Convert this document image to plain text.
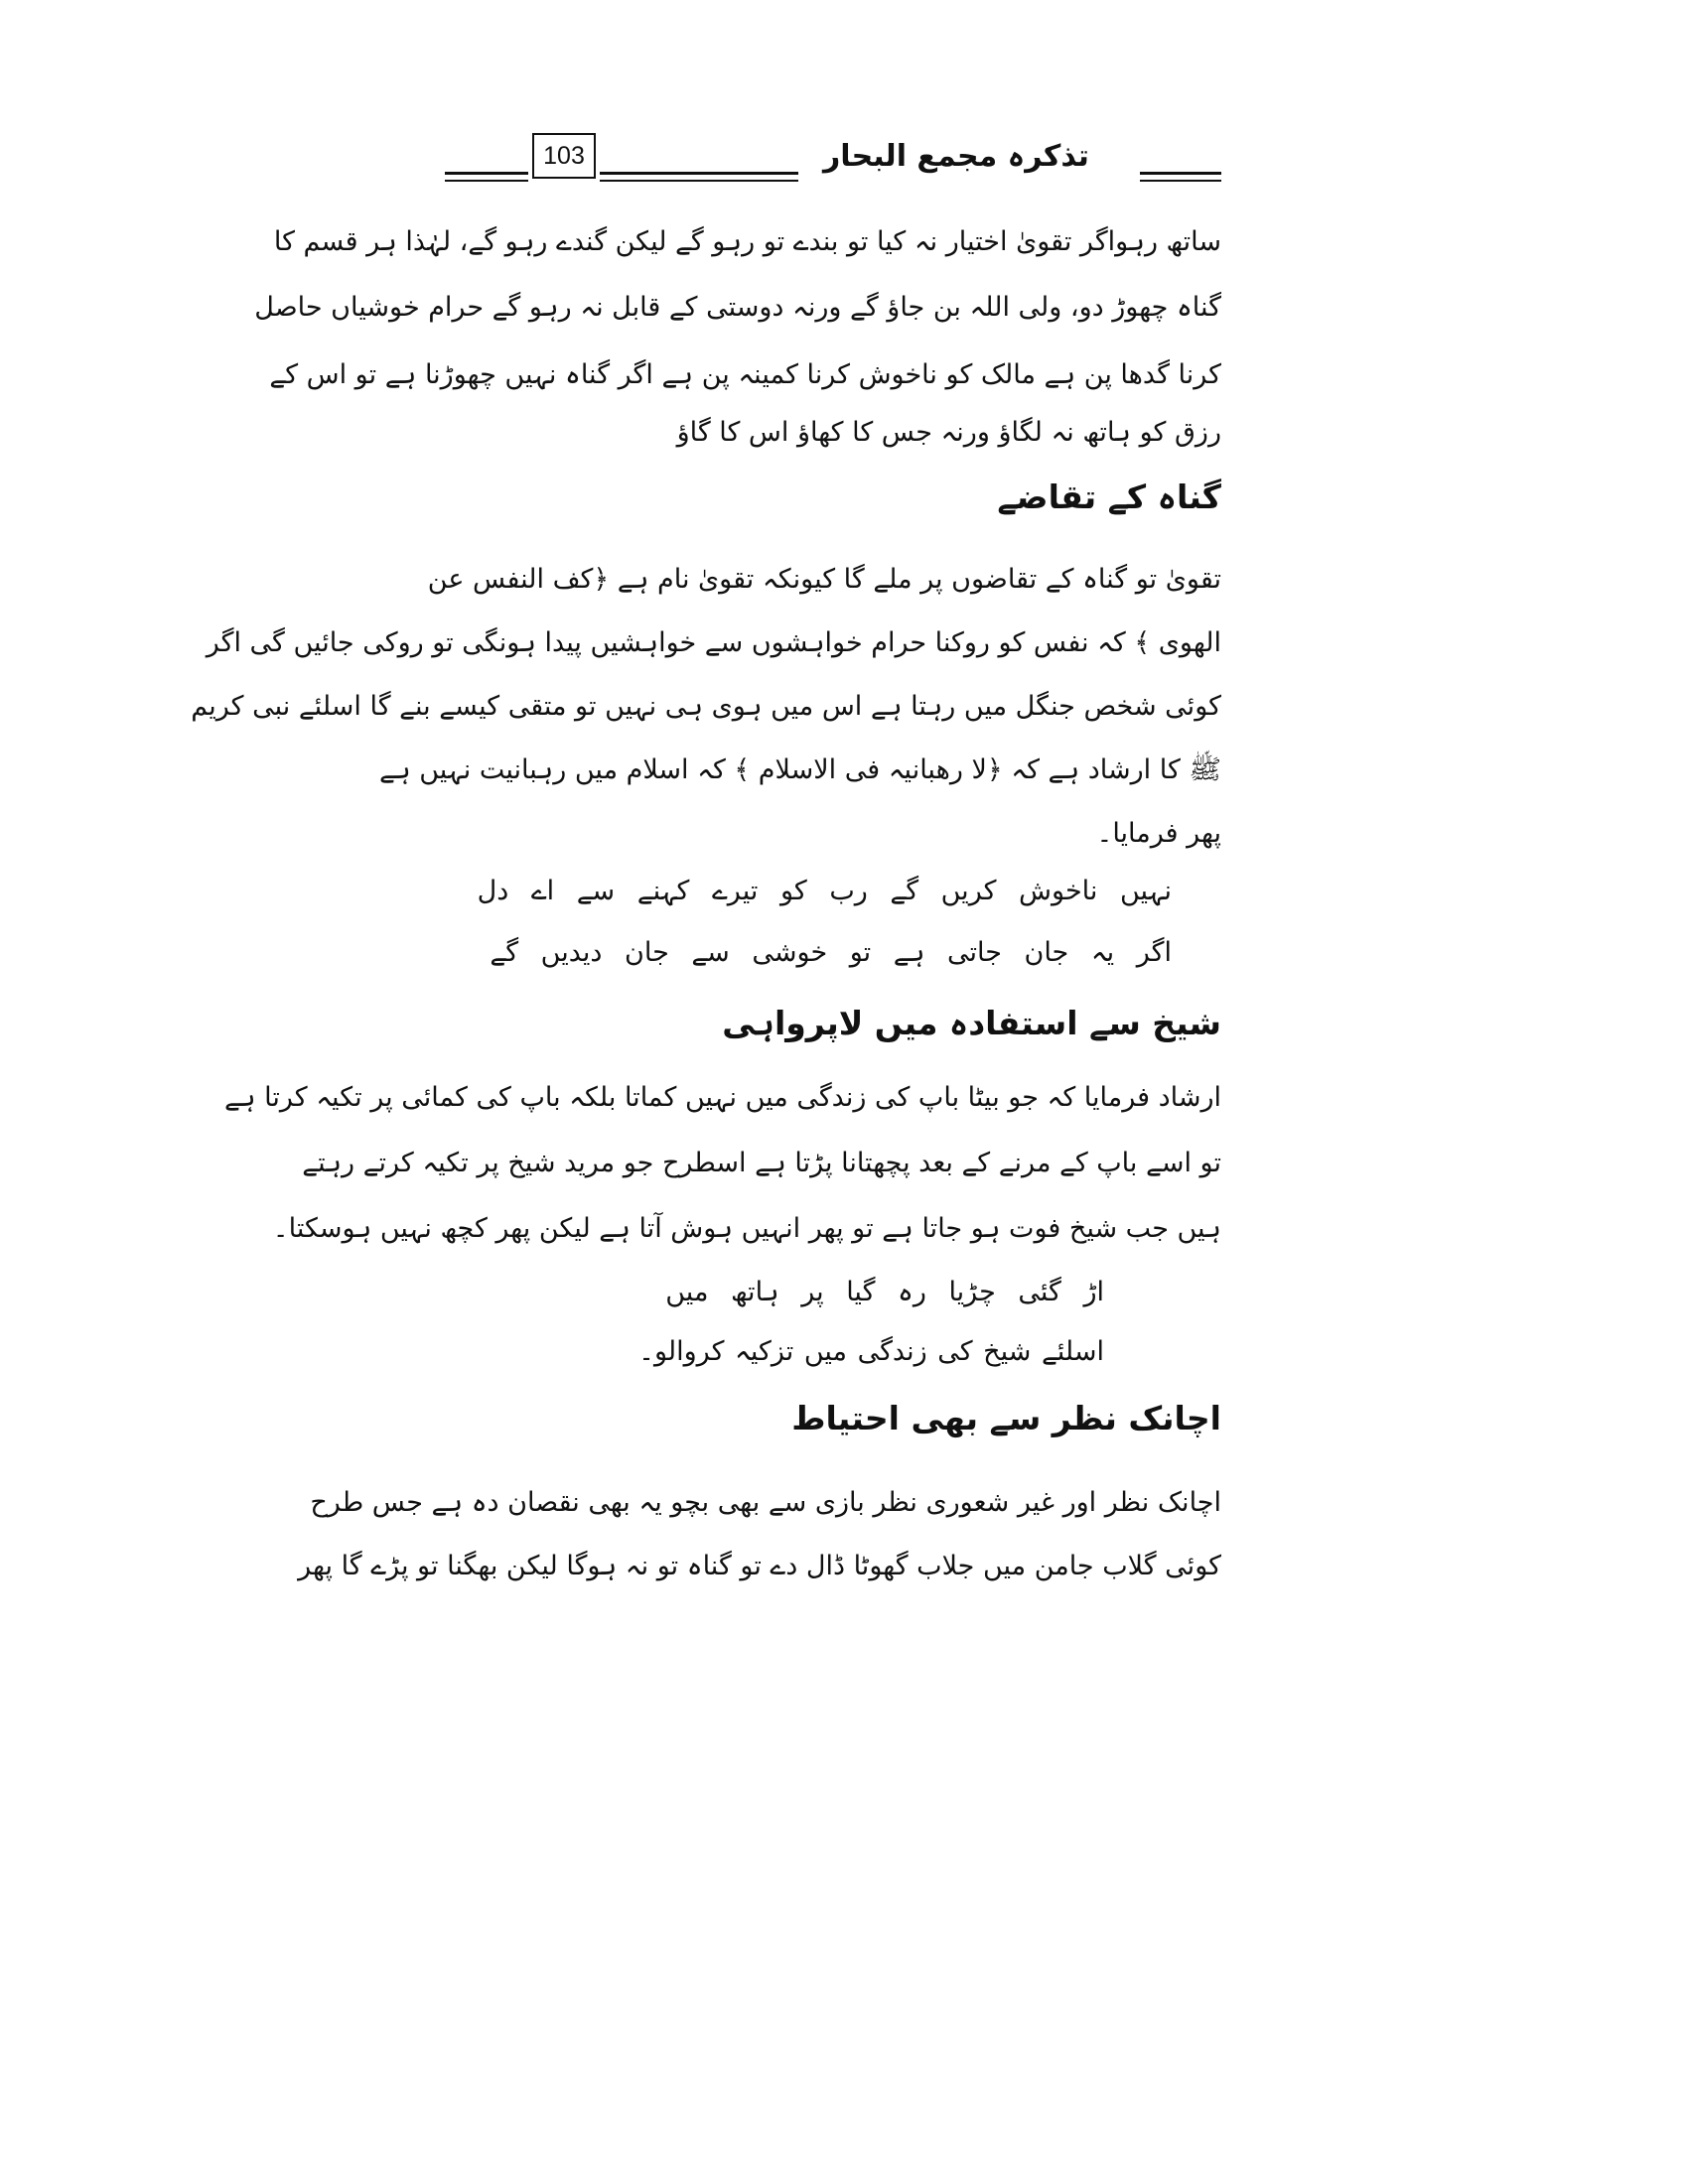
103	تذکرہ مجمع البحار
ساتھ رہواگر تقویٰ اختیار نہ کیا تو بندے تو رہو گے لیکن گندے رہو گے، لہٰذا ہر قسم کا
گناہ چھوڑ دو، ولی اللہ بن جاؤ گے ورنہ دوستی کے قابل نہ رہو گے حرام خوشیاں حاصل
کرنا گدھا پن ہے مالک کو ناخوش کرنا کمینہ پن ہے اگر گناہ نہیں چھوڑنا ہے تو اس کے
رزق کو ہاتھ نہ لگاؤ ورنہ جس کا کھاؤ اس کا گاؤ
گناہ کے تقاضے
تقویٰ تو گناہ کے تقاضوں پر ملے گا کیونکہ تقویٰ نام ہے ﴿کف النفس عن
الھوی ﴾ کہ نفس کو روکنا حرام خواہشوں سے خواہشیں پیدا ہونگی تو روکی جائیں گی اگر
کوئی شخص جنگل میں رہتا ہے اس میں ہوی ہی نہیں تو متقی کیسے بنے گا اسلئے نبی کریم
ﷺ کا ارشاد ہے کہ ﴿لا رھبانیہ فی الاسلام ﴾ کہ اسلام میں رہبانیت نہیں ہے
پھر فرمایا۔
نہیں ناخوش کریں گے رب کو تیرے کہنے سے اے دل
اگر یہ جان جاتی ہے تو خوشی سے جان دیدیں گے
شیخ سے استفادہ میں لاپرواہی
ارشاد فرمایا کہ جو بیٹا باپ کی زندگی میں نہیں کماتا بلکہ باپ کی کمائی پر تکیہ کرتا ہے
تو اسے باپ کے مرنے کے بعد پچھتانا پڑتا ہے اسطرح جو مرید شیخ پر تکیہ کرتے رہتے
ہیں جب شیخ فوت ہو جاتا ہے تو پھر انہیں ہوش آتا ہے لیکن پھر کچھ نہیں ہوسکتا۔
اڑ گئی چڑیا رہ گیا پر ہاتھ میں
اسلئے شیخ کی زندگی میں تزکیہ کروالو۔
اچانک نظر سے بھی احتیاط
اچانک نظر اور غیر شعوری نظر بازی سے بھی بچو یہ بھی نقصان دہ ہے جس طرح
کوئی گلاب جامن میں جلاب گھوٹا ڈال دے تو گناہ تو نہ ہوگا لیکن بھگنا تو پڑے گا پھر
